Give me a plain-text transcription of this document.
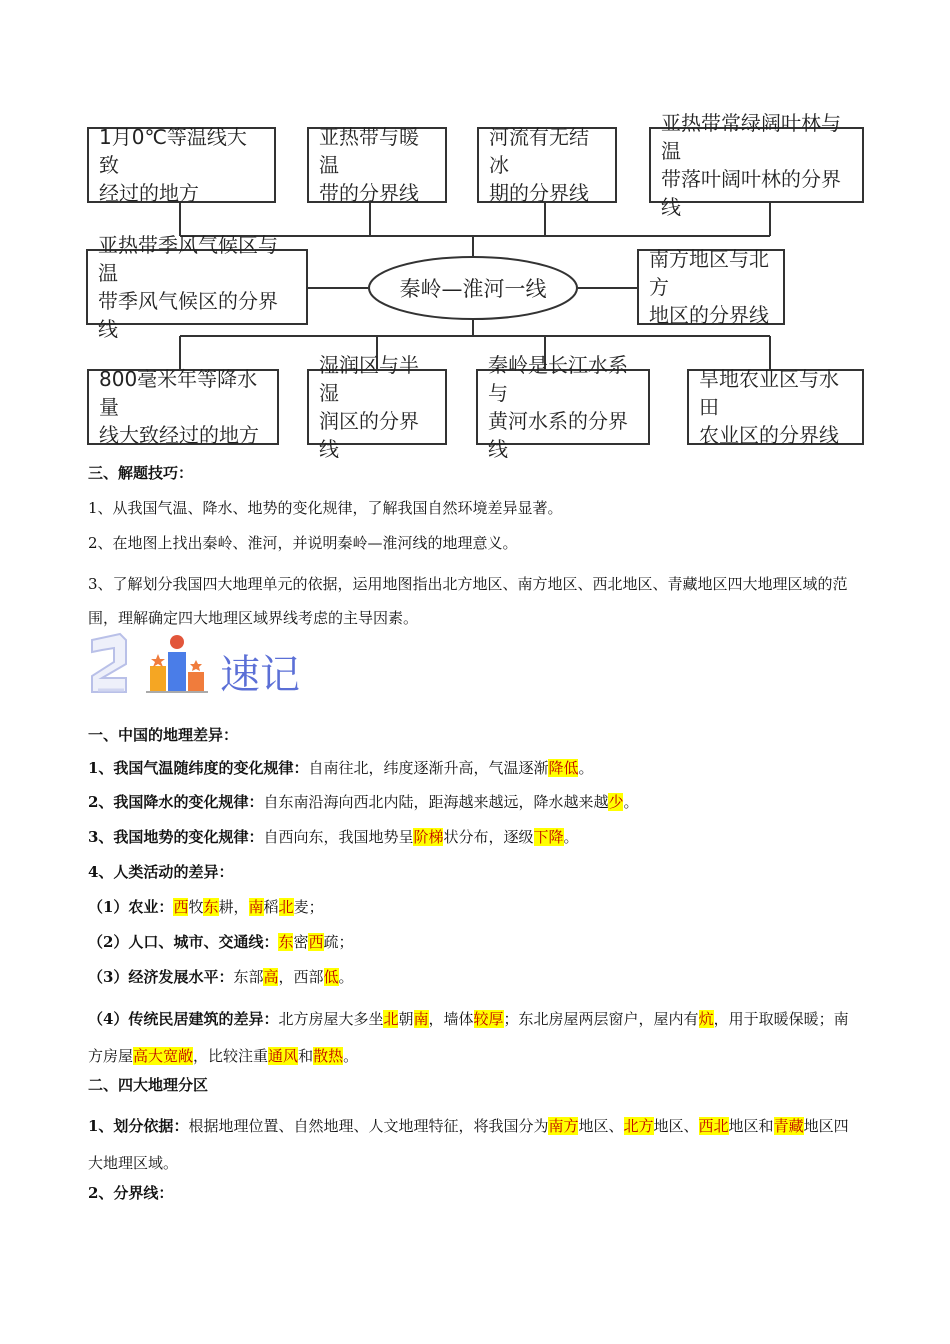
秦岭—淮河一线
1月0℃等温线大致
经过的地方
亚热带与暖温
带的分界线
河流有无结冰
期的分界线
亚热带常绿阔叶林与温
带落叶阔叶林的分界线
亚热带季风气候区与温
带季风气候区的分界线
南方地区与北方
地区的分界线
800毫米年等降水量
线大致经过的地方
湿润区与半湿
润区的分界线
秦岭是长江水系与
黄河水系的分界线
旱地农业区与水田
农业区的分界线
三、解题技巧：
1、从我国气温、降水、地势的变化规律，了解我国自然环境差异显著。
2、在地图上找出秦岭、淮河，并说明秦岭—淮河线的地理意义。
3、了解划分我国四大地理单元的依据，运用地图指出北方地区、南方地区、西北地区、青藏地区四大地理区域的范围，理解确定四大地理区域界线考虑的主导因素。
2
速记
一、中国的地理差异：
1、我国气温随纬度的变化规律：自南往北，纬度逐渐升高，气温逐渐降低。
2、我国降水的变化规律：自东南沿海向西北内陆，距海越来越远，降水越来越少。
3、我国地势的变化规律：自西向东，我国地势呈阶梯状分布，逐级下降。
4、人类活动的差异：
（1）农业：西牧东耕，南稻北麦；
（2）人口、城市、交通线：东密西疏；
（3）经济发展水平：东部高，西部低。
（4）传统民居建筑的差异：北方房屋大多坐北朝南，墙体较厚；东北房屋两层窗户，屋内有炕，用于取暖保暖；南方房屋高大宽敞，比较注重通风和散热。
二、四大地理分区
1、划分依据：根据地理位置、自然地理、人文地理特征，将我国分为南方地区、北方地区、西北地区和青藏地区四大地理区域。
2、分界线：
